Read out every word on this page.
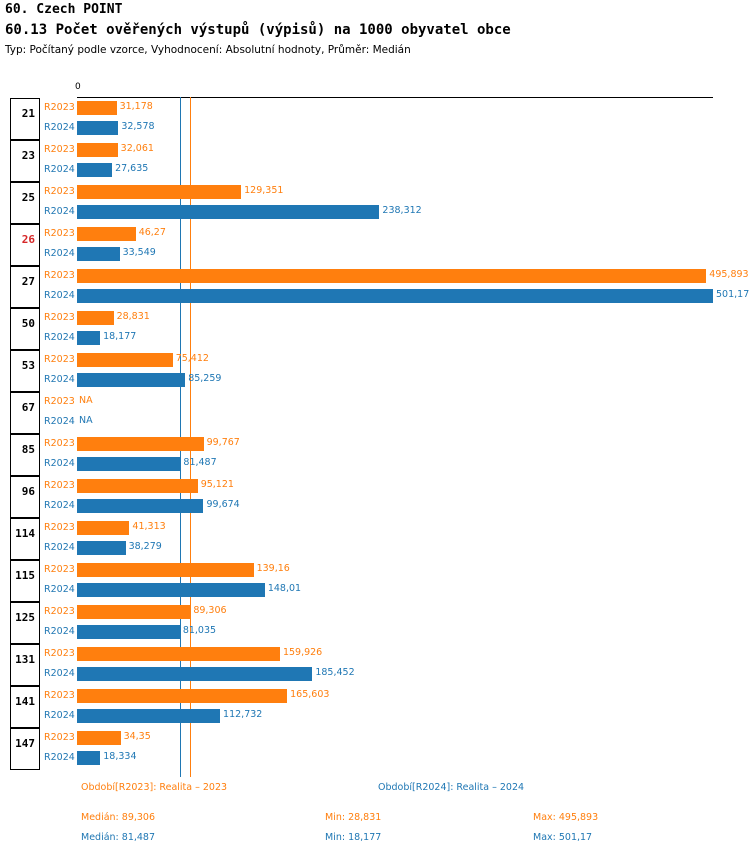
60. Czech POINT
60.13 Počet ověřených výstupů (výpisů) na 1000 obyvatel obce
Typ: Počítaný podle vzorce, Vyhodnocení: Absolutní hodnoty, Průměr: Medián
0
21 R2023	31,178
R2024	32,578
23 R2023	32,061
R2024	27,635
25 R2023	129,351
R2024	238,312
26 R2023	46,27
R2024	33,549
27 R2023	495,893
R2024	501,17
50 R2023	28,831
R2024	18,177
53 R2023	75,412
R2024	85,259
67 R2023 NA
R2024 NA
85 R2023	99,767
R2024	81,487
96 R2023	95,121
R2024	99,674
114 R2023	41,313
R2024	38,279
115 R2023	139,16
R2024	148,01
125 R2023	89,306
R2024	81,035
131 R2023	159,926
R2024	185,452
141 R2023	165,603
R2024	112,732
147 R2023	34,35
R2024	18,334
Období[R2023]: Realita – 2023	Období[R2024]: Realita – 2024
Medián: 89,306	Min: 28,831	Max: 495,893
Medián: 81,487	Min: 18,177	Max: 501,17
